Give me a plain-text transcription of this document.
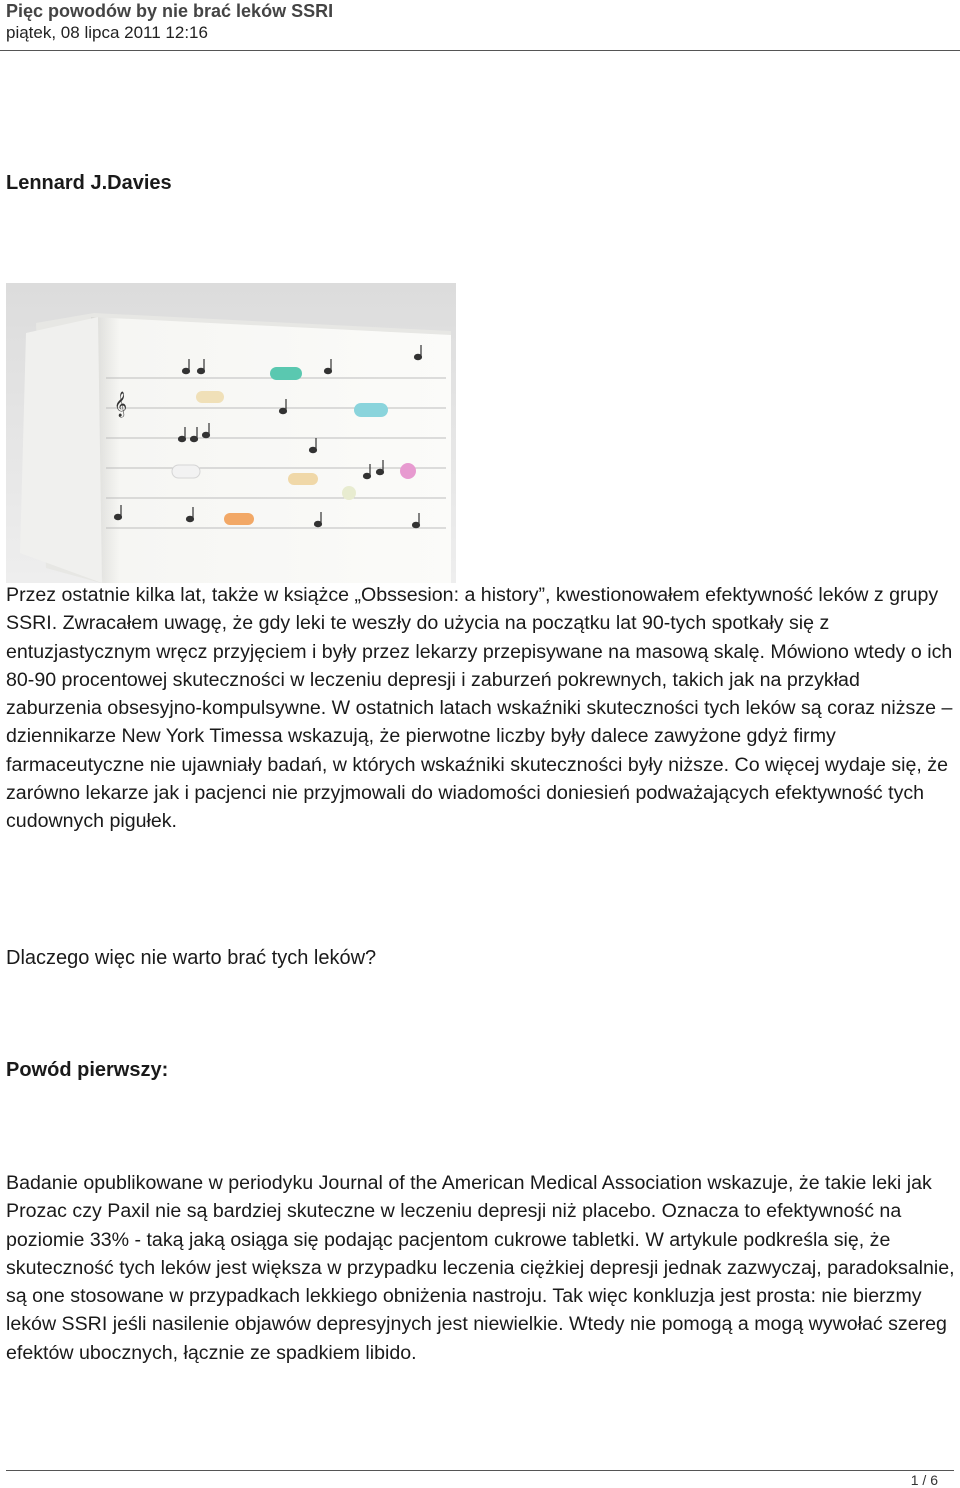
Pięc powodów by nie brać leków SSRI
piątek, 08 lipca 2011 12:16
Lennard J.Davies
𝄞

Przez ostatnie kilka lat, także w książce „Obssesion: a history”, kwestionowałem efektywność leków z grupy SSRI. Zwracałem uwagę, że gdy leki te weszły do użycia na początku lat 90-tych spotkały się z entuzjastycznym wręcz przyjęciem i były przez lekarzy przepisywane na masową skalę. Mówiono wtedy o ich 80-90 procentowej skuteczności w leczeniu depresji i zaburzeń pokrewnych, takich jak na przykład zaburzenia obsesyjno-kompulsywne. W ostatnich latach wskaźniki skuteczności tych leków są coraz niższe – dziennikarze New York Timessa wskazują, że pierwotne liczby były dalece zawyżone gdyż firmy farmaceutyczne nie ujawniały badań, w których wskaźniki skuteczności były niższe. Co więcej wydaje się, że zarówno lekarze jak i pacjenci nie przyjmowali do wiadomości doniesień podważających efektywność tych cudownych pigułek.

Dlaczego więc nie warto brać tych leków?
Powód pierwszy:

Badanie opublikowane w periodyku Journal of the American Medical Association wskazuje, że takie leki jak Prozac czy Paxil nie są bardziej skuteczne w leczeniu depresji niż placebo. Oznacza to efektywność na poziomie 33% - taką jaką osiąga się podając pacjentom cukrowe tabletki. W artykule podkreśla się, że skuteczność tych leków jest większa w przypadku leczenia ciężkiej depresji jednak zazwyczaj, paradoksalnie, są one stosowane w przypadkach lekkiego obniżenia nastroju. Tak więc konkluzja jest prosta: nie bierzmy leków SSRI jeśli nasilenie objawów depresyjnych jest niewielkie. Wtedy nie pomogą a mogą wywołać szereg efektów ubocznych, łącznie ze spadkiem libido.

1 / 6
